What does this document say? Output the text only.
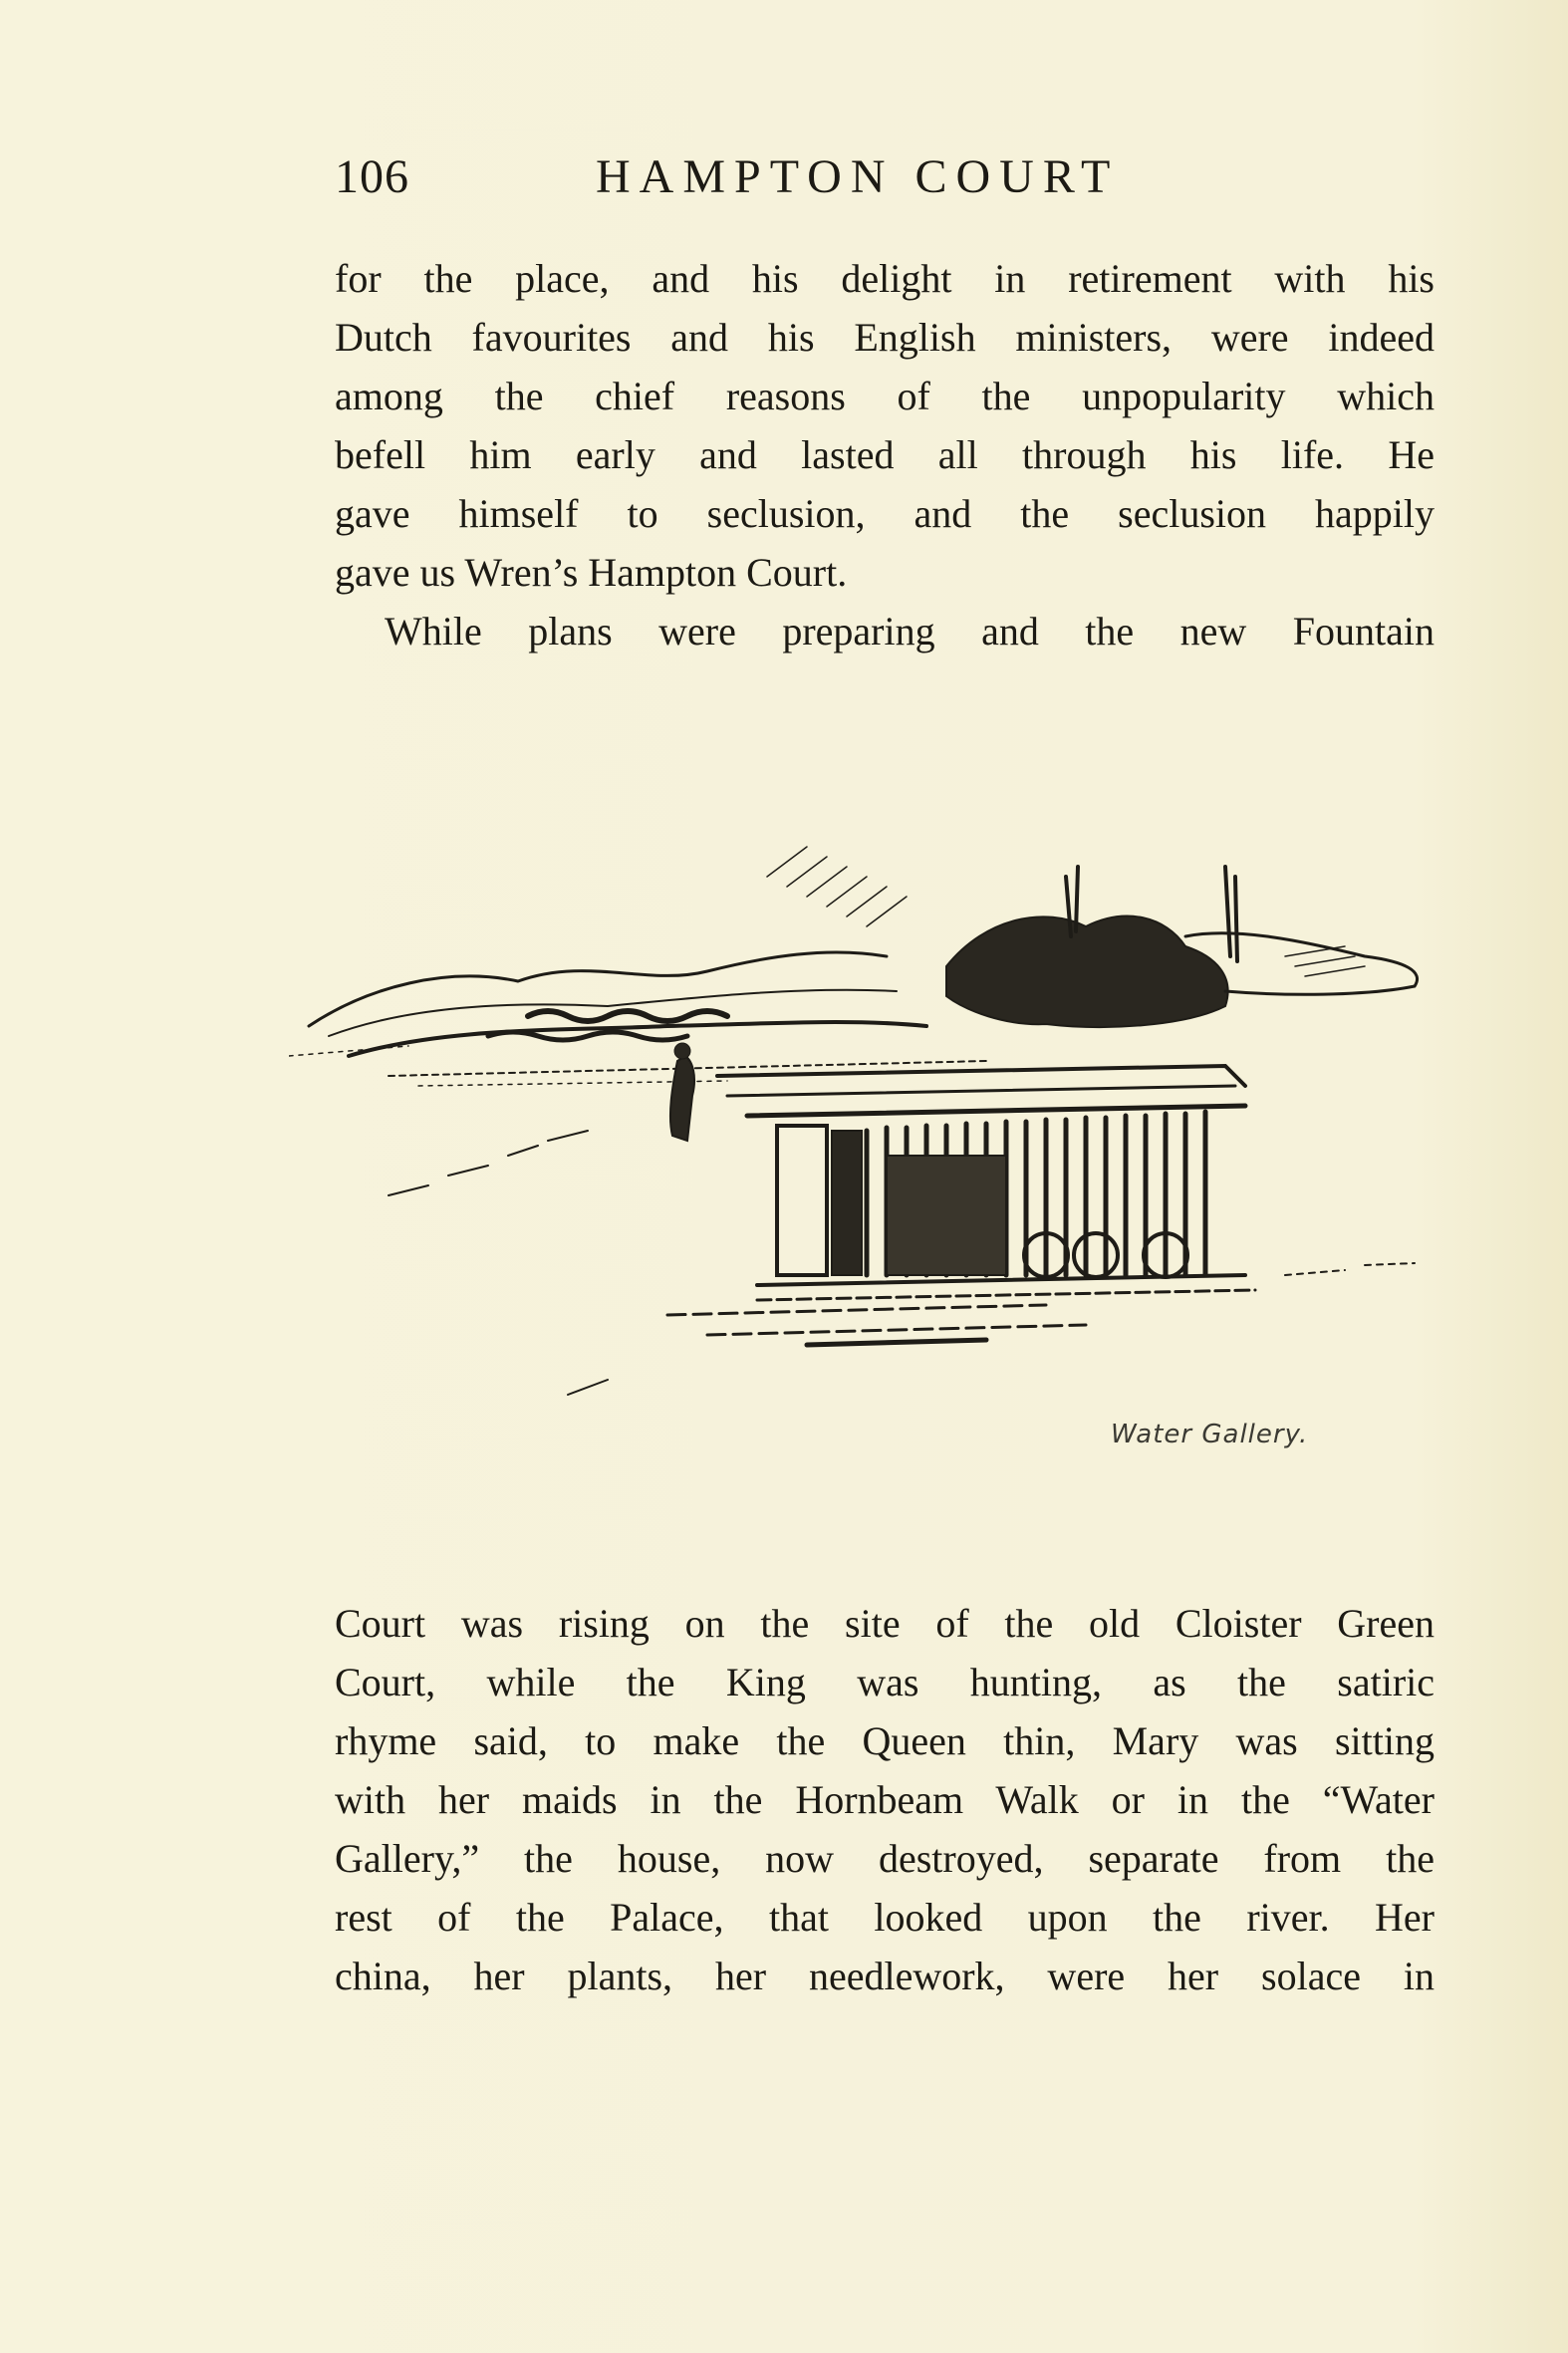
106	HAMPTON COURT

for the place, and his delight in retirement with his
Dutch favourites and his English ministers, were indeed
among the chief reasons of the unpopularity which
befell him early and lasted all through his life. He
gave himself to seclusion, and the seclusion happily
gave us Wren’s Hampton Court.
While plans were preparing and the new Fountain

Water Gallery.

Court was rising on the site of the old Cloister Green
Court, while the King was hunting, as the satiric
rhyme said, to make the Queen thin, Mary was sitting
with her maids in the Hornbeam Walk or in the “Water
Gallery,” the house, now destroyed, separate from the
rest of the Palace, that looked upon the river. Her
china, her plants, her needlework, were her solace in
